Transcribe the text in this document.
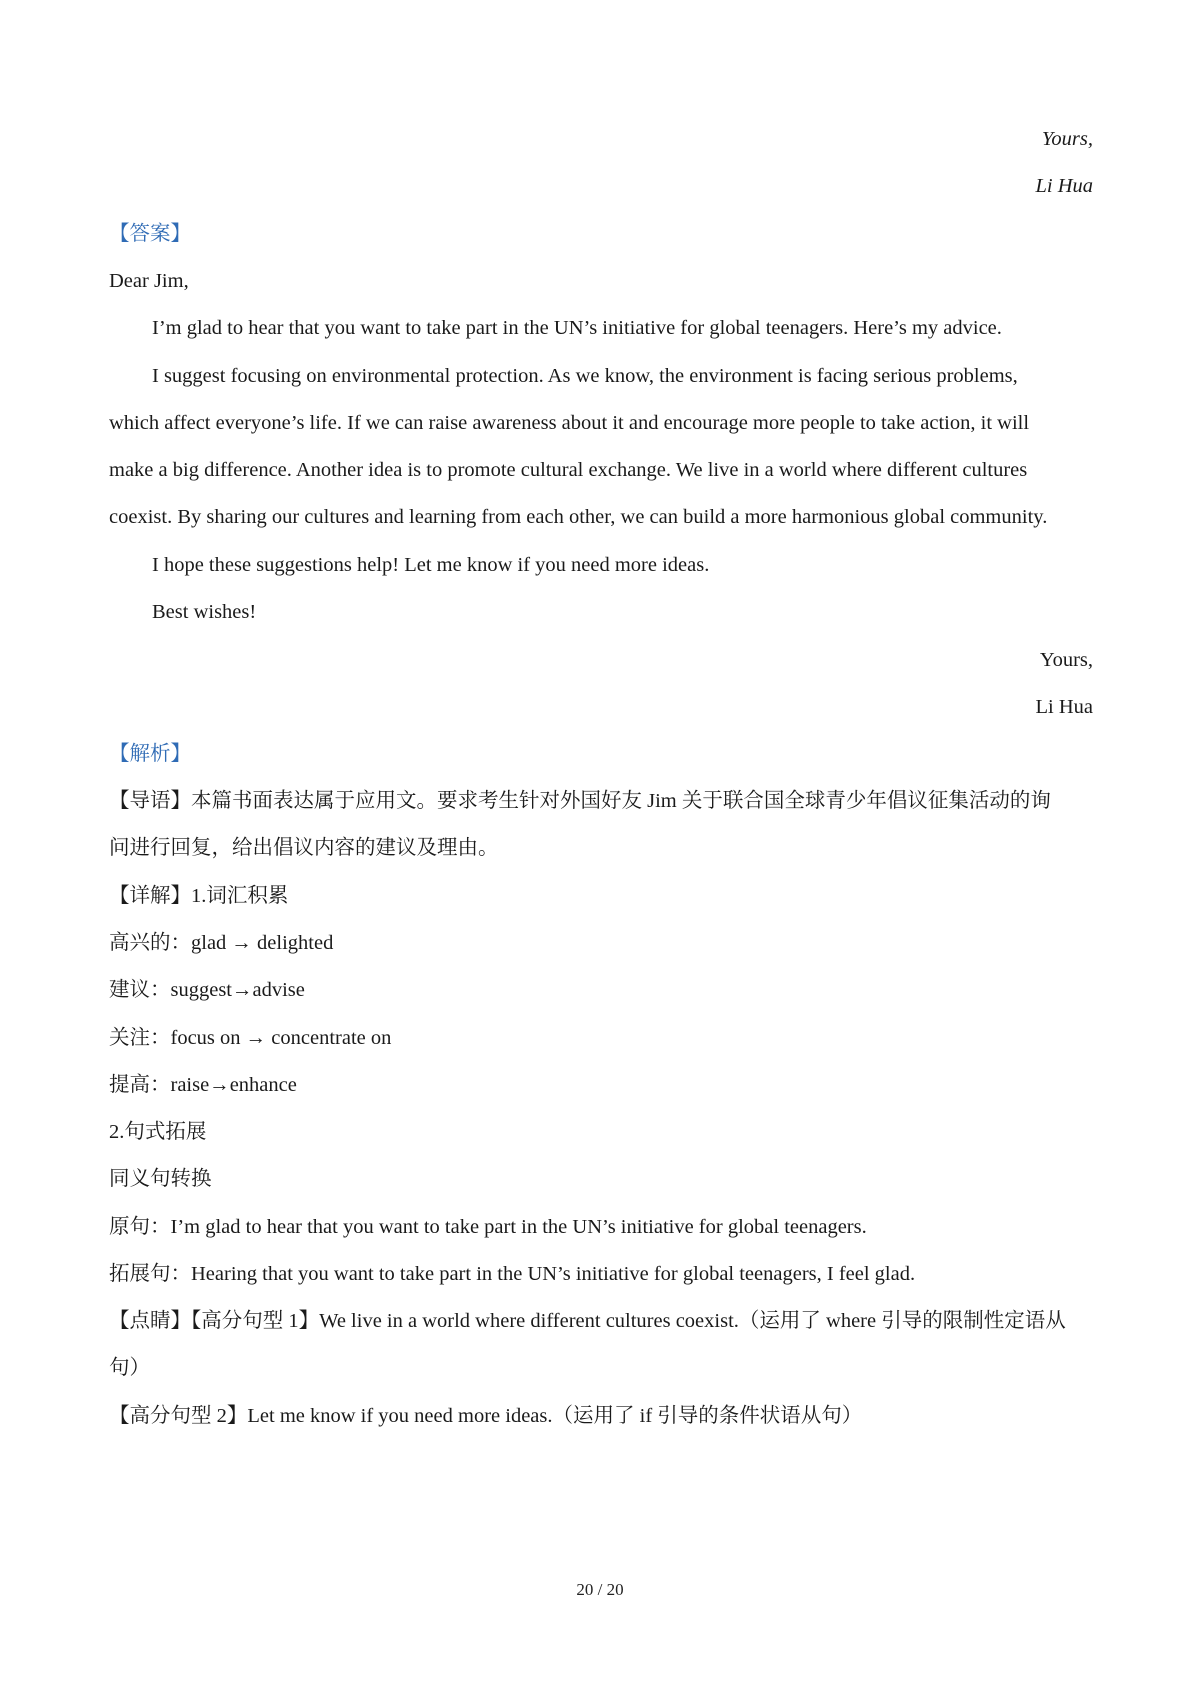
Yours,
Li Hua
【答案】
Dear Jim,
I’m glad to hear that you want to take part in the UN’s initiative for global teenagers. Here’s my advice.
I suggest focusing on environmental protection. As we know, the environment is facing serious problems,
which affect everyone’s life. If we can raise awareness about it and encourage more people to take action, it will
make a big difference. Another idea is to promote cultural exchange. We live in a world where different cultures
coexist. By sharing our cultures and learning from each other, we can build a more harmonious global community.
I hope these suggestions help! Let me know if you need more ideas.
Best wishes!
Yours,
Li Hua
【解析】
【导语】本篇书面表达属于应用文。要求考生针对外国好友 Jim 关于联合国全球青少年倡议征集活动的询
问进行回复，给出倡议内容的建议及理由。
【详解】1.词汇积累
高兴的：glad → delighted
建议：suggest→advise
关注：focus on → concentrate on
提高：raise→enhance
2.句式拓展
同义句转换
原句：I’m glad to hear that you want to take part in the UN’s initiative for global teenagers.
拓展句：Hearing that you want to take part in the UN’s initiative for global teenagers, I feel glad.
【点睛】【高分句型 1】We live in a world where different cultures coexist.（运用了 where 引导的限制性定语从
句）
【高分句型 2】Let me know if you need more ideas.（运用了 if 引导的条件状语从句）
20 / 20
